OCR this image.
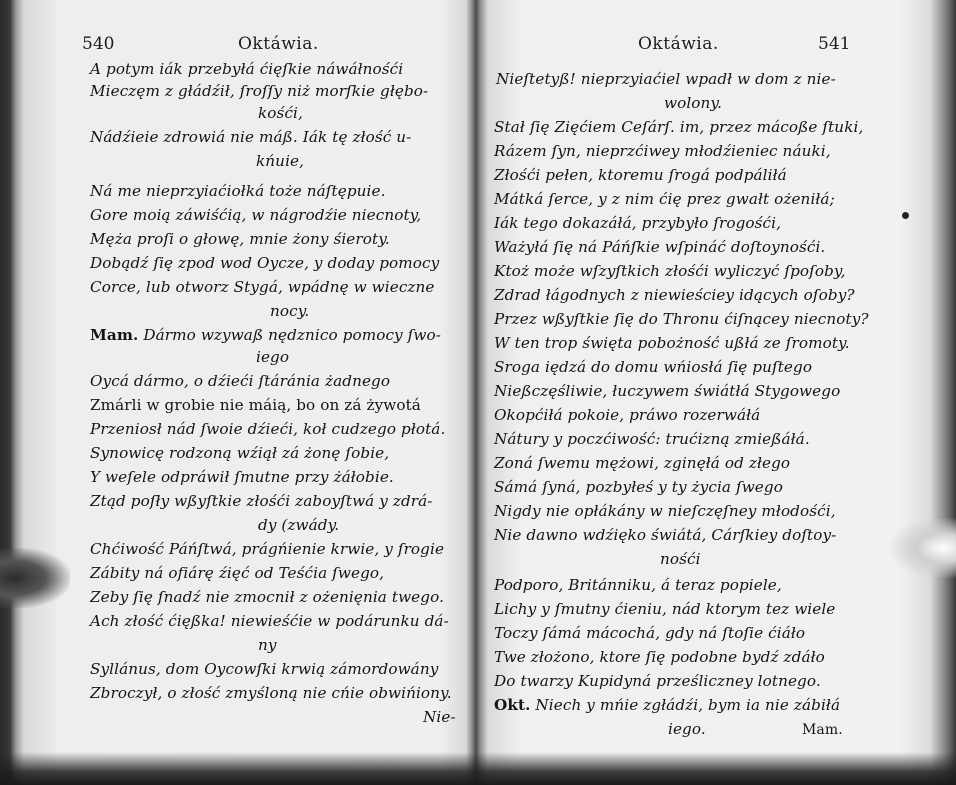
540	Oktáwia.
A potym iák przebyłá ćięſkie náwáłnośći
Mieczęm z głádźił, ſroſſy niż morſkie głębo-
kośći,
Nádźieie zdrowiá nie máß. Iák tę złość u-
kńuie,
Ná me nieprzyiaćiołká toże náſtępuie.
Gore moią záwiśćią, w nágrodźie niecnoty,
Męża proſi o głowę, mnie żony śieroty.
Dobądź ſię zpod wod Oycze, y doday pomocy
Corce, lub otworz Stygá, wpádnę w wieczne
nocy.
Mam. Dármo wzywaß nędznico pomocy ſwo-
iego
Oycá dármo, o dźieći ſtáránia żadnego
Zmárli w grobie nie máią, bo on zá żywotá
Przeniosł nád ſwoie dźieći, koł cudzego płotá.
Synowicę rodzoną wźiął zá żonę ſobie,
Y weſele odpráwił ſmutne przy żáłobie.
Ztąd poſły wßyſtkie złośći zaboyſtwá y zdrá-
dy (zwády.
Chćiwość Páńſtwá, prágńienie krwie, y ſrogie
Zábity ná ofiárę źięć od Teśćia ſwego,
Zeby ſię ſnadź nie zmocnił z ożenięnia twego.
Ach złość ćięßka! niewieśćie w podárunku dá-
ny
Syllánus, dom Oycowſki krwią zámordowány
Zbroczył, o złość zmyśloną nie cńie obwińiony.
Nie-
Oktáwia.	541
Nieſtetyß! nieprzyiaćiel wpadł w dom z nie-
wolony.
Stał ſię Zięćiem Ceſárſ. im, przez mácoße ſtuki,
Rázem ſyn, nieprzćiwey młodźieniec náuki,
Złośći pełen, ktoremu ſrogá podpáliłá
Mátká ſerce, y z nim ćię prez gwałt ożeniłá;
Iák tego dokazáłá, przybyło ſrogośći,
Ważyłá ſię ná Páńſkie wſpináć doſtoynośći.
Ktoż może wſzyſtkich złośći wyliczyć ſpoſoby,
Zdrad łágodnych z niewieściey idących oſoby?
Przez wßyſtkie ſię do Thronu ćiſnącey niecnoty?
W ten trop święta pobożność ußłá ze ſromoty.
Sroga iędzá do domu wńiosłá ſię puſtego
Nießczęśliwie, łuczywem świátłá Stygowego
Okopćiłá pokoie, práwo rozerwáłá
Nátury y poczćiwość: trućizną zmießáłá.
Zoná ſwemu mężowi, zginęłá od złego
Sámá ſyná, pozbyłeś y ty życia ſwego
Nigdy nie opłákány w nieſczęſney młodośći,
Nie dawno wdźięko świátá, Cárſkiey doſtoy-
nośći
Podporo, Británniku, á teraz popiele,
Lichy y ſmutny ćieniu, nád ktorym tez wiele
Toczy ſámá mácochá, gdy ná ſtoſie ćiáło
Twe złożono, ktore ſię podobne bydź zdáło
Do twarzy Kupidyná prześliczney lotnego.
Okt. Niech y mńie zgłádźi, bym ia nie zábiłá
iego.	Mam.
